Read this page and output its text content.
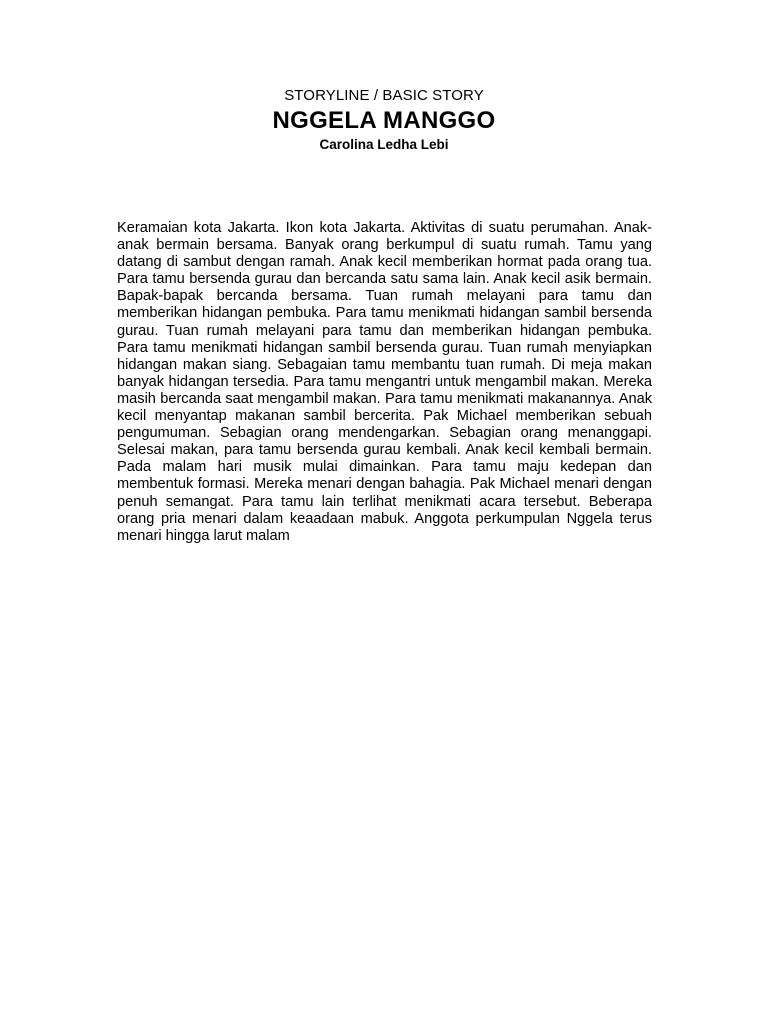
STORYLINE / BASIC STORY
NGGELA MANGGO
Carolina Ledha Lebi

Keramaian kota Jakarta. Ikon kota Jakarta. Aktivitas di suatu perumahan. Anak-anak bermain bersama. Banyak orang berkumpul di suatu rumah. Tamu yang datang di sambut dengan ramah. Anak kecil memberikan hormat pada orang tua. Para tamu bersenda gurau dan bercanda satu sama lain. Anak kecil asik bermain. Bapak-bapak bercanda bersama. Tuan rumah melayani para tamu dan memberikan hidangan pembuka. Para tamu menikmati hidangan sambil bersenda gurau. Tuan rumah melayani para tamu dan memberikan hidangan pembuka. Para tamu menikmati hidangan sambil bersenda gurau. Tuan rumah menyiapkan hidangan makan siang. Sebagaian tamu membantu tuan rumah. Di meja makan banyak hidangan tersedia. Para tamu mengantri untuk mengambil makan. Mereka masih bercanda saat mengambil makan. Para tamu menikmati makanannya. Anak kecil menyantap makanan sambil bercerita. Pak Michael memberikan sebuah pengumuman. Sebagian orang mendengarkan. Sebagian orang menanggapi. Selesai makan, para tamu bersenda gurau kembali. Anak kecil kembali bermain. Pada malam hari musik mulai dimainkan. Para tamu maju kedepan dan membentuk formasi. Mereka menari dengan bahagia. Pak Michael menari dengan penuh semangat. Para tamu lain terlihat menikmati acara tersebut. Beberapa orang pria menari dalam keaadaan mabuk. Anggota perkumpulan Nggela terus menari hingga larut malam
